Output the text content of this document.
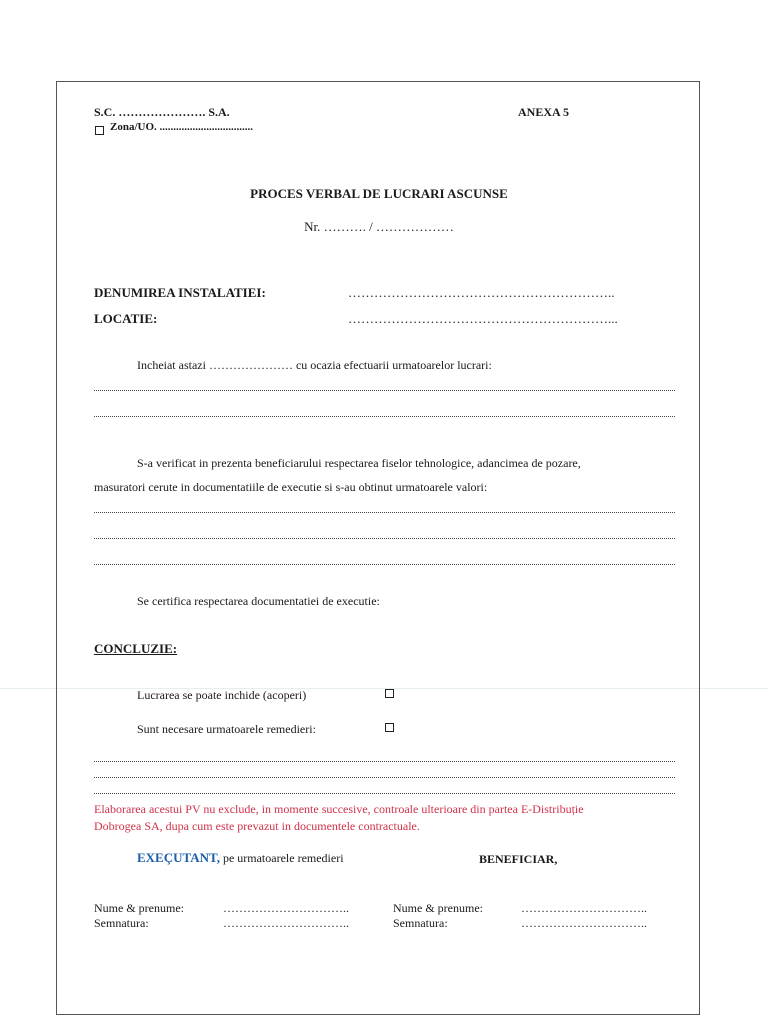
S.C. …………………. S.A.
Zona/UO. ..................................
ANEXA 5
PROCES VERBAL DE LUCRARI ASCUNSE
Nr. ………. / ………………
DENUMIREA INSTALATIEI:	……………………………………………………..
LOCATIE:	……………………………………………………...
Incheiat astazi ………………… cu ocazia efectuarii urmatoarelor lucrari:
S-a verificat in prezenta beneficiarului respectarea fiselor tehnologice, adancimea de pozare,
masuratori cerute in documentatiile de executie si s-au obtinut urmatoarele valori:
Se certifica respectarea documentatiei de executie:
CONCLUZIE:
Lucrarea se poate inchide (acoperi)
Sunt necesare urmatoarele remedieri:
Elaborarea acestui PV nu exclude, in momente succesive, controale ulterioare din partea E-Distribuție
Dobrogea SA, dupa cum este prevazut in documentele contractuale.
EXEÇUTANT, pe urmatoarele remedieri	BENEFICIAR,
Nume & prenume:	…………………………..
Semnatura:	…………………………..
Nume & prenume:	…………………………..
Semnatura:	…………………………..
